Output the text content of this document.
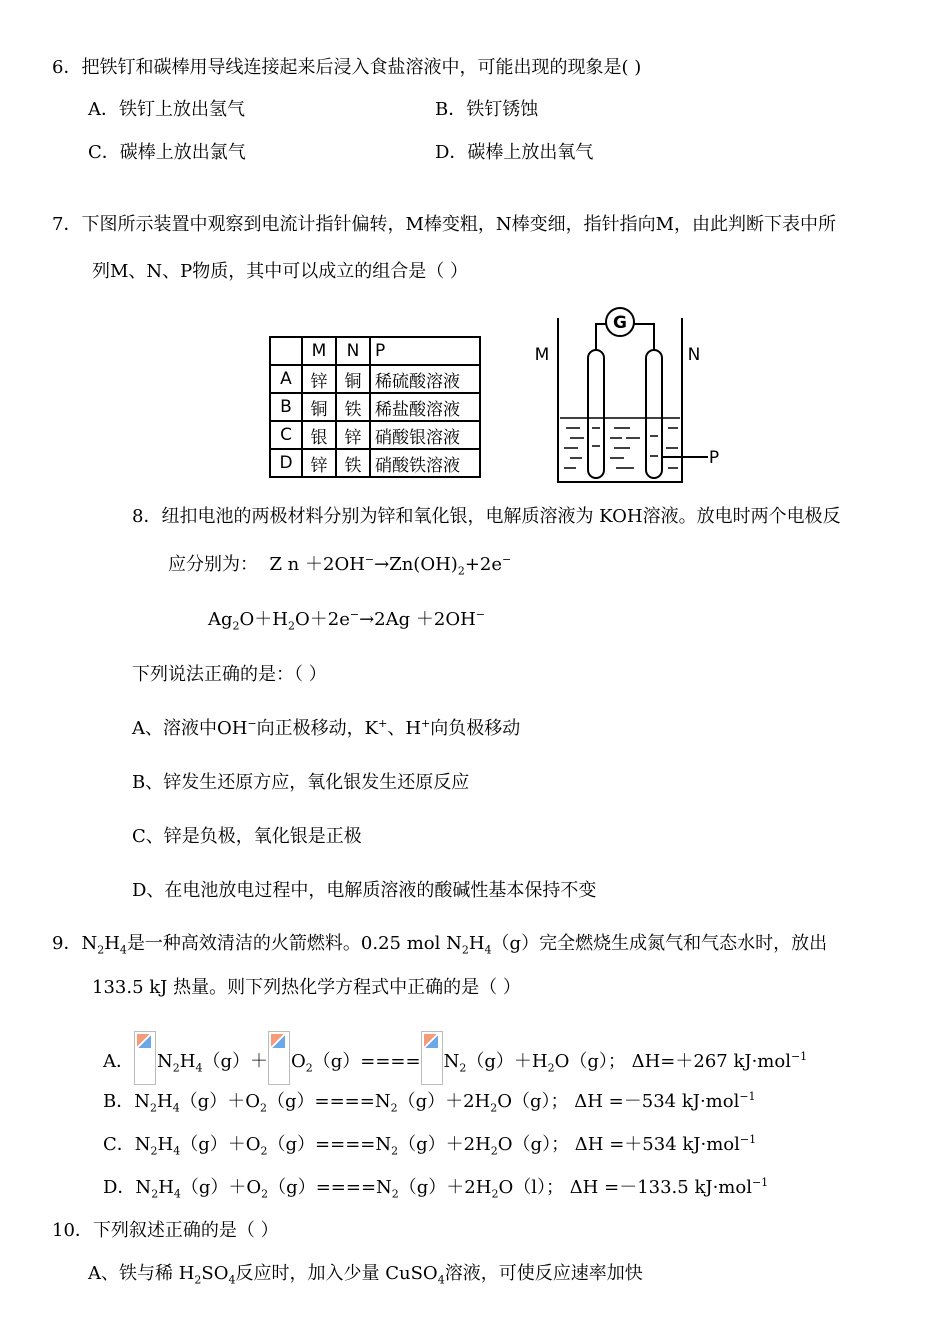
6．把铁钉和碳棒用导线连接起来后浸入食盐溶液中，可能出现的现象是( )
A．铁钉上放出氢气	B．铁钉锈蚀
C．碳棒上放出氯气	D．碳棒上放出氧气
7．下图所示装置中观察到电流计指针偏转，M棒变粗，N棒变细，指针指向M，由此判断下表中所
列M、N、P物质，其中可以成立的组合是（ ）
	M	N	P
A	锌	铜	稀硫酸溶液
B	铜	铁	稀盐酸溶液
C	银	锌	硝酸银溶液
D	锌	铁	硝酸铁溶液
G
M	N
P
8．纽扣电池的两极材料分别为锌和氧化银，电解质溶液为 KOH溶液。放电时两个电极反
应分别为： Z $n +2OH^-\to Zn(OH)_2+2e^-$
$Ag_2O+H_2O+2e^-\to 2Ag +2OH^-$
下列说法正确的是：（ ）
A、溶液中OH−向正极移动，K+、H+向负极移动
B、锌发生还原方应，氧化银发生还原反应
C、锌是负极，氧化银是正极
D、在电池放电过程中，电解质溶液的酸碱性基本保持不变
9．$N_2H_4$是一种高效清洁的火箭燃料。0.25 mol $N_2H_4(g)$完全燃烧生成氮气和气态水时，放出
133.5 kJ 热量。则下列热化学方程式中正确的是（ ）
A． $N_2H_4(g)+ O_2(g)==== N_2(g)+H_2O(g)$； ΔH=＋267 kJ·mol$^{-1}$
B．$N_2H_4(g)+O_2(g)====N_2(g)+2H_2O(g)$； ΔH =－534 kJ·mol$^{-1}$
C．$N_2H_4(g)+O_2(g)====N_2(g)+2H_2O(g)$； ΔH =＋534 kJ·mol$^{-1}$
D．$N_2H_4(g)+O_2(g)====N_2(g)+2H_2O(l)$； ΔH =－133.5 kJ·mol$^{-1}$
10．下列叙述正确的是（ ）
A、铁与稀 $H_2SO_4$反应时，加入少量 CuSO$_4$溶液，可使反应速率加快
